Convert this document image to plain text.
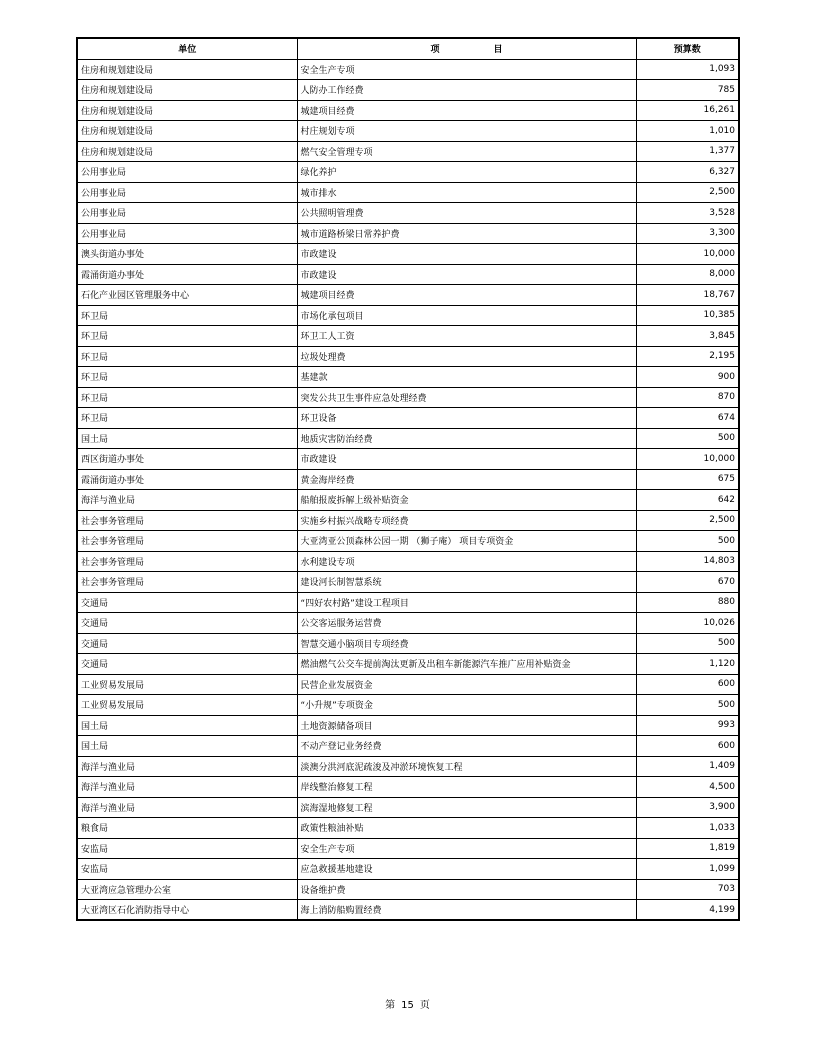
单位	项 目	预算数
住房和规划建设局	安全生产专项	1,093
住房和规划建设局	人防办工作经费	785
住房和规划建设局	城建项目经费	16,261
住房和规划建设局	村庄规划专项	1,010
住房和规划建设局	燃气安全管理专项	1,377
公用事业局	绿化养护	6,327
公用事业局	城市排水	2,500
公用事业局	公共照明管理费	3,528
公用事业局	城市道路桥梁日常养护费	3,300
澳头街道办事处	市政建设	10,000
霞涌街道办事处	市政建设	8,000
石化产业园区管理服务中心	城建项目经费	18,767
环卫局	市场化承包项目	10,385
环卫局	环卫工人工资	3,845
环卫局	垃圾处理费	2,195
环卫局	基建款	900
环卫局	突发公共卫生事件应急处理经费	870
环卫局	环卫设备	674
国土局	地质灾害防治经费	500
西区街道办事处	市政建设	10,000
霞涌街道办事处	黄金海岸经费	675
海洋与渔业局	船舶报废拆解上级补贴资金	642
社会事务管理局	实施乡村振兴战略专项经费	2,500
社会事务管理局	大亚湾亚公顶森林公园一期 （狮子庵） 项目专项资金	500
社会事务管理局	水利建设专项	14,803
社会事务管理局	建设河长制智慧系统	670
交通局	“四好农村路”建设工程项目	880
交通局	公交客运服务运营费	10,026
交通局	智慧交通小脑项目专项经费	500
交通局	燃油燃气公交车提前淘汰更新及出租车新能源汽车推广应用补贴资金	1,120
工业贸易发展局	民营企业发展资金	600
工业贸易发展局	“小升规”专项资金	500
国土局	土地资源储备项目	993
国土局	不动产登记业务经费	600
海洋与渔业局	淡澳分洪河底泥疏浚及冲淤环境恢复工程	1,409
海洋与渔业局	岸线整治修复工程	4,500
海洋与渔业局	滨海湿地修复工程	3,900
粮食局	政策性粮油补贴	1,033
安监局	安全生产专项	1,819
安监局	应急救援基地建设	1,099
大亚湾应急管理办公室	设备维护费	703
大亚湾区石化消防指导中心	海上消防船购置经费	4,199
第 15 页
